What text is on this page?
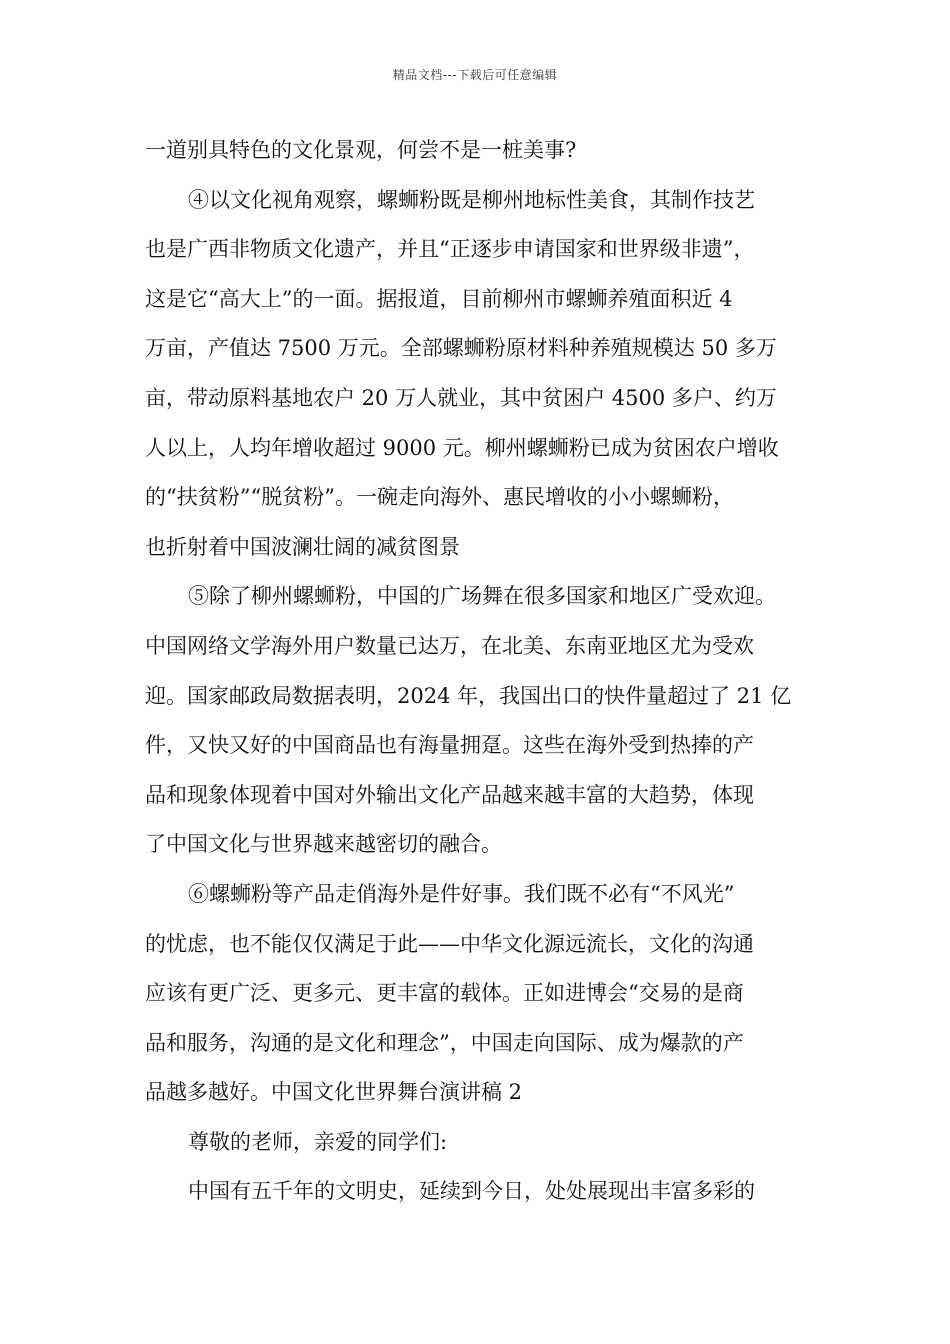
精品文档---下载后可任意编辑
一道别具特色的文化景观，何尝不是一桩美事?
④以文化视角观察，螺蛳粉既是柳州地标性美食，其制作技艺
也是广西非物质文化遗产，并且“正逐步申请国家和世界级非遗”，
这是它“高大上”的一面。据报道，目前柳州市螺蛳养殖面积近 4
万亩，产值达 7500 万元。全部螺蛳粉原材料种养殖规模达 50 多万
亩，带动原料基地农户 20 万人就业，其中贫困户 4500 多户、约万
人以上，人均年增收超过 9000 元。柳州螺蛳粉已成为贫困农户增收
的“扶贫粉”“脱贫粉”。一碗走向海外、惠民增收的小小螺蛳粉，
也折射着中国波澜壮阔的减贫图景
⑤除了柳州螺蛳粉，中国的广场舞在很多国家和地区广受欢迎。
中国网络文学海外用户数量已达万，在北美、东南亚地区尤为受欢
迎。国家邮政局数据表明，2024 年，我国出口的快件量超过了 21 亿
件，又快又好的中国商品也有海量拥趸。这些在海外受到热捧的产
品和现象体现着中国对外输出文化产品越来越丰富的大趋势，体现
了中国文化与世界越来越密切的融合。
⑥螺蛳粉等产品走俏海外是件好事。我们既不必有“不风光”
的忧虑，也不能仅仅满足于此——中华文化源远流长，文化的沟通
应该有更广泛、更多元、更丰富的载体。正如进博会“交易的是商
品和服务，沟通的是文化和理念”，中国走向国际、成为爆款的产
品越多越好。中国文化世界舞台演讲稿 2
尊敬的老师，亲爱的同学们:
中国有五千年的文明史，延续到今日，处处展现出丰富多彩的
